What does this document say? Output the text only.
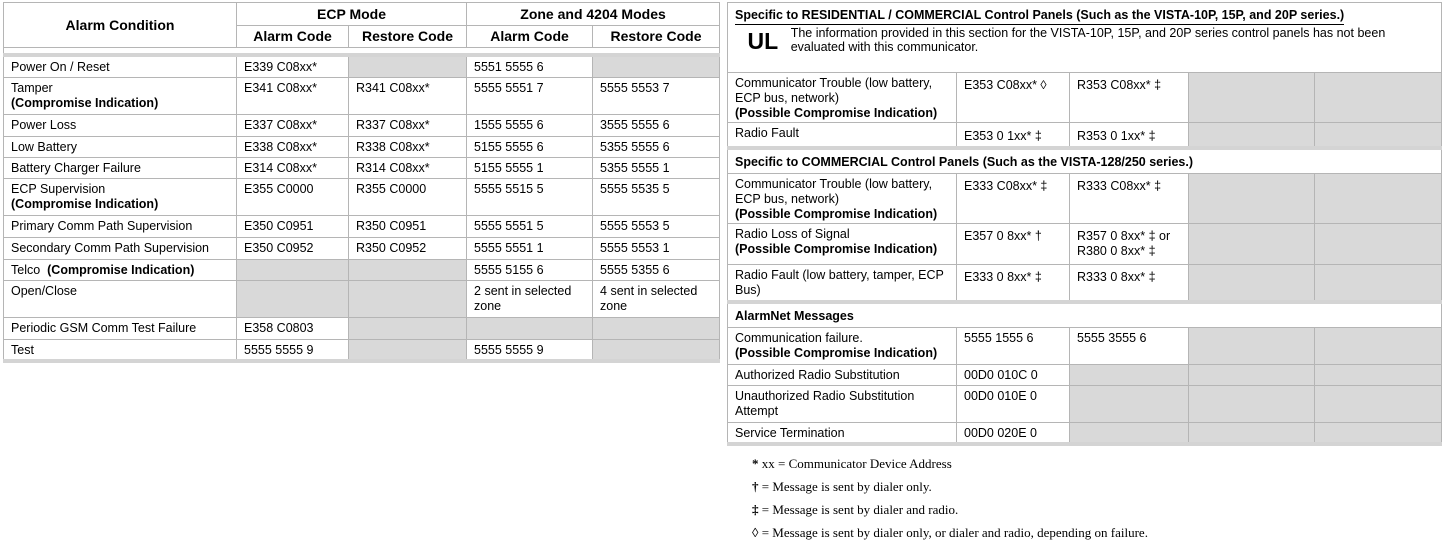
Alarm Condition	ECP Mode		Zone and 4204 Modes	
	Alarm Code	Restore Code	Alarm Code	Restore Code

Power On / Reset	E339 C08xx*		5551 5555 6	
Tamper
(Compromise Indication)	E341 C08xx*	R341 C08xx*	5555 5551 7	5555 5553 7
Power Loss	E337 C08xx*	R337 C08xx*	1555 5555 6	3555 5555 6
Low Battery	E338 C08xx*	R338 C08xx*	5155 5555 6	5355 5555 6
Battery Charger Failure	E314 C08xx*	R314 C08xx*	5155 5555 1	5355 5555 1
ECP Supervision
(Compromise Indication)	E355 C0000	R355 C0000	5555 5515 5	5555 5535 5
Primary Comm Path Supervision	E350 C0951	R350 C0951	5555 5551 5	5555 5553 5
Secondary Comm Path Supervision	E350 C0952	R350 C0952	5555 5551 1	5555 5553 1
Telco (Compromise Indication)			5555 5155 6	5555 5355 6
Open/Close			2 sent in selected zone	4 sent in selected zone
Periodic GSM Comm Test Failure	E358 C0803			
Test	5555 5555 9		5555 5555 9	
Specific to RESIDENTIAL / COMMERCIAL Control Panels (Such as the VISTA-10P, 15P, and 20P series.)
UL The information provided in this section for the VISTA-10P, 15P, and 20P series control panels has not been evaluated with this communicator.				

Communicator Trouble (low battery, ECP bus, network)
(Possible Compromise Indication)	E353 C08xx* ◊	R353 C08xx* ‡		
Radio Fault	E353 0 1xx* ‡	R353 0 1xx* ‡		
Specific to COMMERCIAL Control Panels (Such as the VISTA-128/250 series.)				
Communicator Trouble (low battery, ECP bus, network)
(Possible Compromise Indication)	E333 C08xx* ‡	R333 C08xx* ‡		
Radio Loss of Signal
(Possible Compromise Indication)	E357 0 8xx* †	R357 0 8xx* ‡ or R380 0 8xx* ‡		
Radio Fault (low battery, tamper, ECP Bus)	E333 0 8xx* ‡	R333 0 8xx* ‡		
AlarmNet Messages				
Communication failure.
(Possible Compromise Indication)	5555 1555 6	5555 3555 6		
Authorized Radio Substitution	00D0 010C 0			
Unauthorized Radio Substitution Attempt	00D0 010E 0			
Service Termination	00D0 020E 0			
* xx = Communicator Device Address
† = Message is sent by dialer only.
‡ = Message is sent by dialer and radio.
◊ = Message is sent by dialer only, or dialer and radio, depending on failure.
